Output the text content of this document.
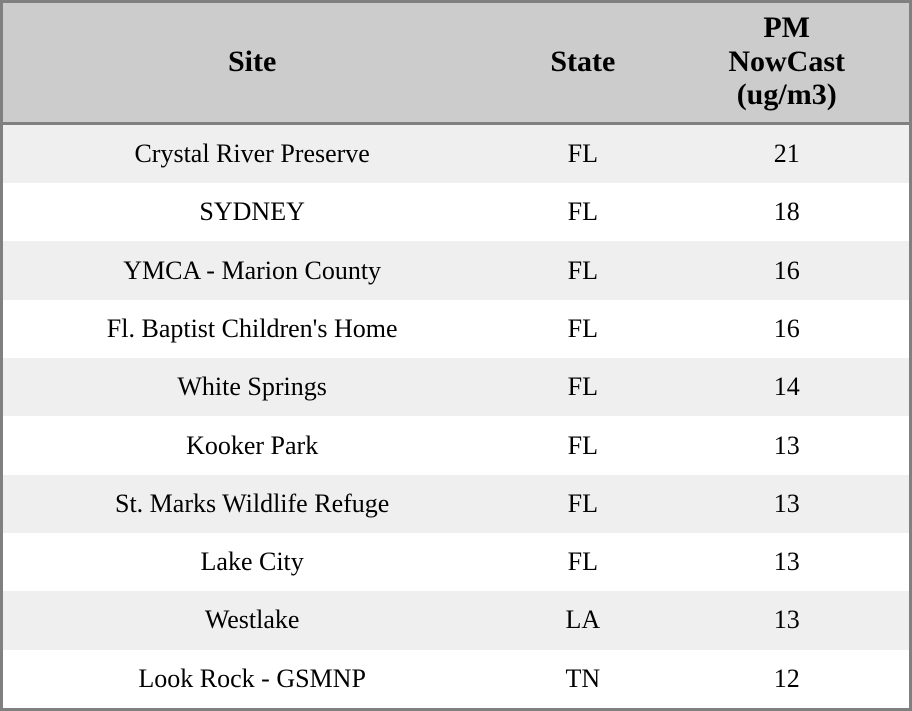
Site	State	PM
NowCast
(ug/m3)

Crystal River Preserve	FL	21
SYDNEY	FL	18
YMCA - Marion County	FL	16
Fl. Baptist Children's Home	FL	16
White Springs	FL	14
Kooker Park	FL	13
St. Marks Wildlife Refuge	FL	13
Lake City	FL	13
Westlake	LA	13
Look Rock - GSMNP	TN	12
